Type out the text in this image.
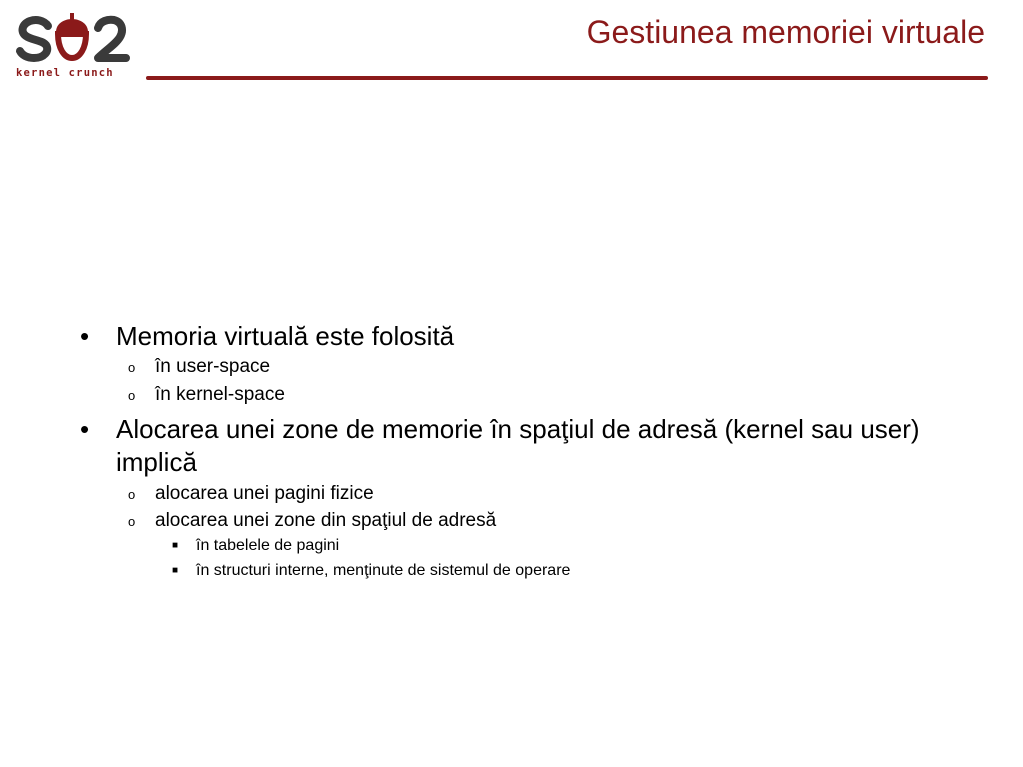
kernel crunch
Gestiunea memoriei virtuale
•	Memoria virtuală este folosită
o în user-space
o în kernel-space
•	Alocarea unei zone de memorie în spaţiul de adresă (kernel sau user) implică
o alocarea unei pagini fizice
o alocarea unei zone din spaţiul de adresă
■ în tabelele de pagini
■ în structuri interne, menţinute de sistemul de operare
